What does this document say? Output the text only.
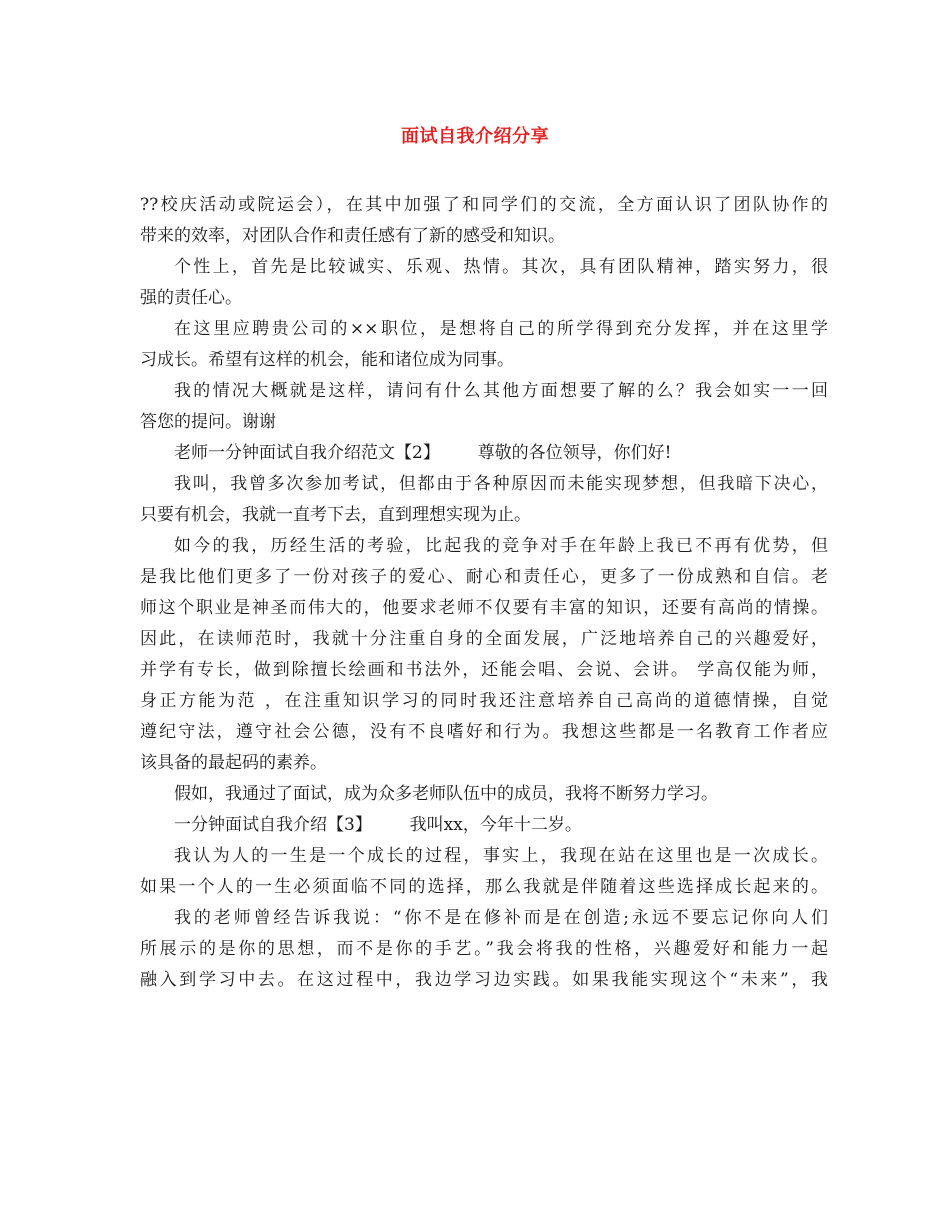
面试自我介绍分享
??校庆活动或院运会），在其中加强了和同学们的交流，全方面认识了团队协作的
带来的效率，对团队合作和责任感有了新的感受和知识。
个性上，首先是比较诚实、乐观、热情。其次，具有团队精神，踏实努力，很
强的责任心。
在这里应聘贵公司的××职位，是想将自己的所学得到充分发挥，并在这里学
习成长。希望有这样的机会，能和诸位成为同事。
我的情况大概就是这样，请问有什么其他方面想要了解的么？我会如实一一回
答您的提问。谢谢
老师一分钟面试自我介绍范文【2】       尊敬的各位领导，你们好!
我叫，我曾多次参加考试，但都由于各种原因而未能实现梦想，但我暗下决心，
只要有机会，我就一直考下去，直到理想实现为止。
如今的我，历经生活的考验，比起我的竞争对手在年龄上我已不再有优势，但
是我比他们更多了一份对孩子的爱心、耐心和责任心，更多了一份成熟和自信。老
师这个职业是神圣而伟大的，他要求老师不仅要有丰富的知识，还要有高尚的情操。
因此，在读师范时，我就十分注重自身的全面发展，广泛地培养自己的兴趣爱好，
并学有专长，做到除擅长绘画和书法外，还能会唱、会说、会讲。 学高仅能为师，
身正方能为范 ，在注重知识学习的同时我还注意培养自己高尚的道德情操，自觉
遵纪守法，遵守社会公德，没有不良嗜好和行为。我想这些都是一名教育工作者应
该具备的最起码的素养。
假如，我通过了面试，成为众多老师队伍中的成员，我将不断努力学习。
一分钟面试自我介绍【3】       我叫xx，今年十二岁。
我认为人的一生是一个成长的过程，事实上，我现在站在这里也是一次成长。
如果一个人的一生必须面临不同的选择，那么我就是伴随着这些选择成长起来的。
我的老师曾经告诉我说：“你不是在修补而是在创造;永远不要忘记你向人们
所展示的是你的思想，而不是你的手艺。”我会将我的性格，兴趣爱好和能力一起
融入到学习中去。在这过程中，我边学习边实践。如果我能实现这个“未来”，我
